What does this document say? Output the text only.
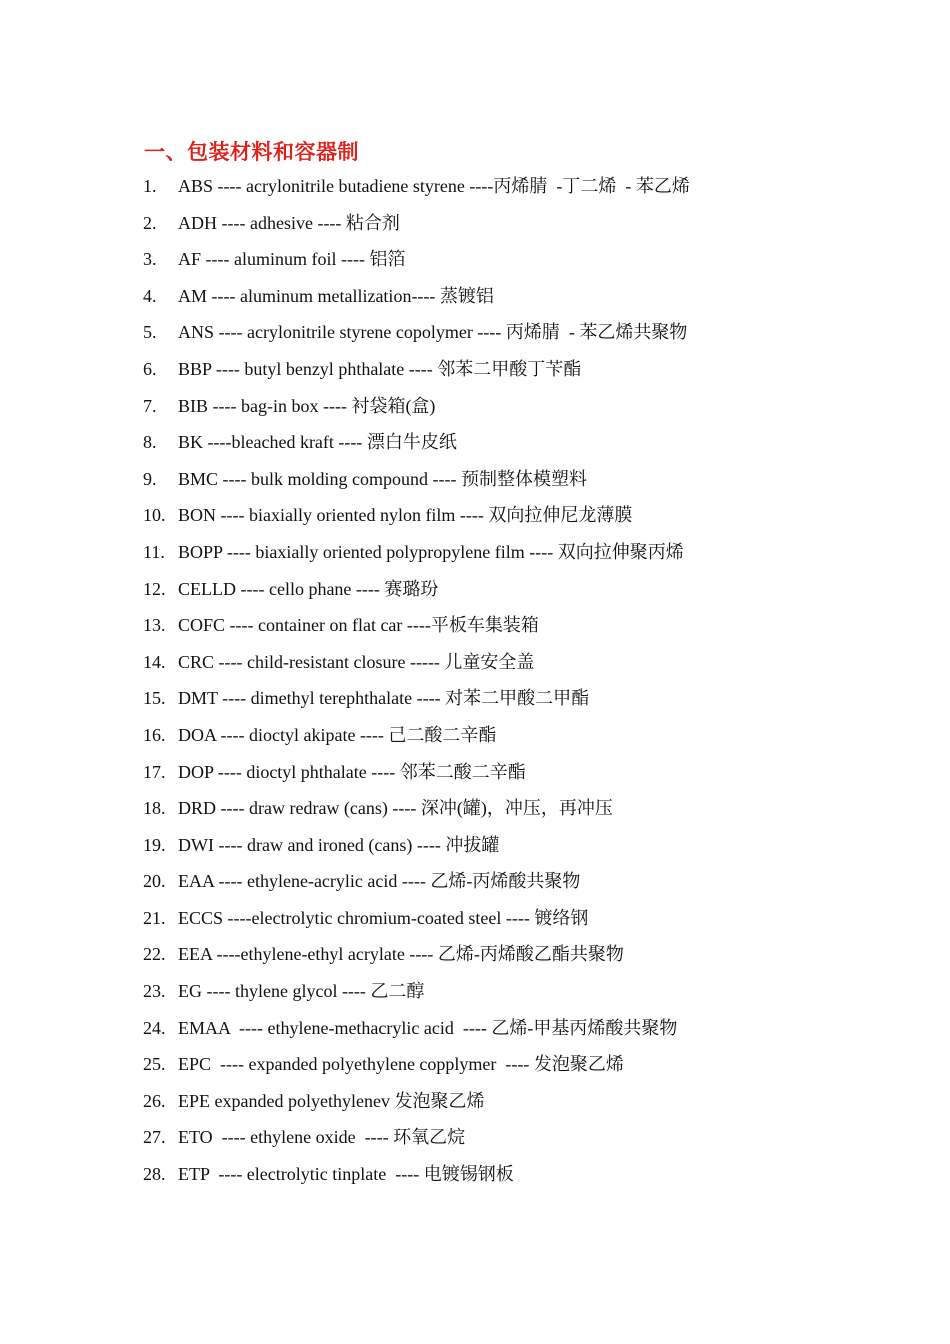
一、包装材料和容器制
1.	ABS ---- acrylonitrile butadiene styrene ----丙烯腈  -丁二烯  - 苯乙烯
2.	ADH ---- adhesive ---- 粘合剂
3.	AF ---- aluminum foil ---- 铝箔
4.	AM ---- aluminum metallization---- 蒸镀铝
5.	ANS ---- acrylonitrile styrene copolymer ---- 丙烯腈  - 苯乙烯共聚物
6.	BBP ---- butyl benzyl phthalate ---- 邻苯二甲酸丁苄酯
7.	BIB ---- bag-in box ---- 衬袋箱(盒)
8.	BK ----bleached kraft ---- 漂白牛皮纸
9.	BMC ---- bulk molding compound ---- 预制整体模塑料
10. BON ---- biaxially oriented nylon film ---- 双向拉伸尼龙薄膜
11. BOPP ---- biaxially oriented polypropylene film ---- 双向拉伸聚丙烯
12. CELLD ---- cello phane ---- 赛璐玢
13. COFC ---- container on flat car ----平板车集装箱
14. CRC ---- child-resistant closure ----- 儿童安全盖
15. DMT ---- dimethyl terephthalate ---- 对苯二甲酸二甲酯
16. DOA ---- dioctyl akipate ---- 己二酸二辛酯
17. DOP ---- dioctyl phthalate ---- 邻苯二酸二辛酯
18. DRD ---- draw redraw (cans) ---- 深冲(罐)，冲压，再冲压
19. DWI ---- draw and ironed (cans) ---- 冲拔罐
20. EAA ---- ethylene-acrylic acid ---- 乙烯-丙烯酸共聚物
21. ECCS ----electrolytic chromium-coated steel ---- 镀络钢
22. EEA ----ethylene-ethyl acrylate ---- 乙烯-丙烯酸乙酯共聚物
23. EG ---- thylene glycol ---- 乙二醇
24. EMAA  ---- ethylene-methacrylic acid  ---- 乙烯-甲基丙烯酸共聚物
25. EPC  ---- expanded polyethylene copplymer  ---- 发泡聚乙烯
26. EPE expanded polyethylenev 发泡聚乙烯
27. ETO  ---- ethylene oxide  ---- 环氧乙烷
28. ETP  ---- electrolytic tinplate  ---- 电镀锡钢板
